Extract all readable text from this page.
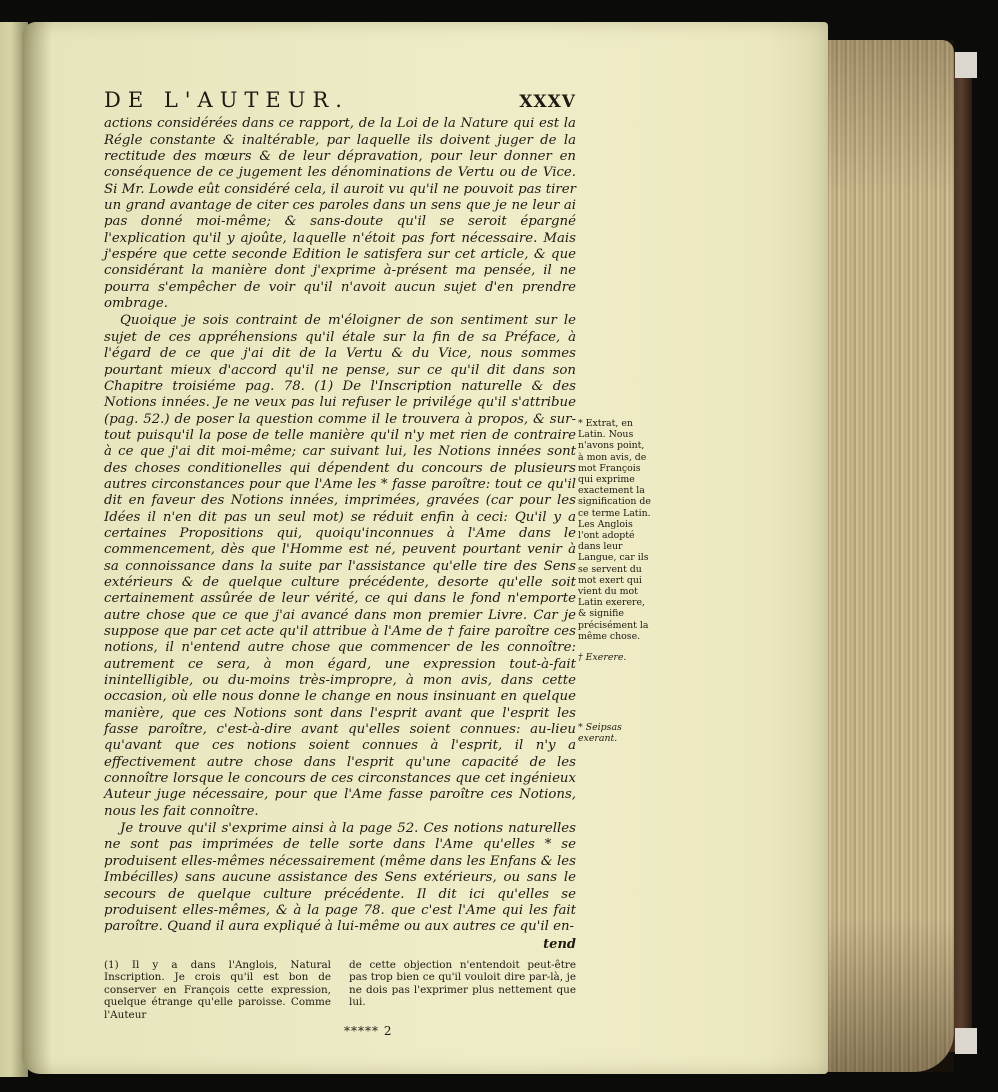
DE L'AUTEUR.	XXXV

actions considérées dans ce rapport, de la Loi de la Nature qui est la Régle constante & inaltérable, par laquelle ils doivent juger de la rectitude des mœurs & de leur dépravation, pour leur donner en conséquence de ce jugement les dénominations de Vertu ou de Vice. Si Mr. Lowde eût considéré cela, il auroit vu qu'il ne pouvoit pas tirer un grand avantage de citer ces paroles dans un sens que je ne leur ai pas donné moi-même; & sans-doute qu'il se seroit épargné l'explication qu'il y ajoûte, laquelle n'étoit pas fort nécessaire. Mais j'espére que cette seconde Edition le satisfera sur cet article, & que considérant la manière dont j'exprime à-présent ma pensée, il ne pourra s'empêcher de voir qu'il n'avoit aucun sujet d'en prendre ombrage.

Quoique je sois contraint de m'éloigner de son sentiment sur le sujet de ces appréhensions qu'il étale sur la fin de sa Préface, à l'égard de ce que j'ai dit de la Vertu & du Vice, nous sommes pourtant mieux d'accord qu'il ne pense, sur ce qu'il dit dans son Chapitre troisiéme pag. 78. (1) De l'Inscription naturelle & des Notions innées. Je ne veux pas lui refuser le privilége qu'il s'attribue (pag. 52.) de poser la question comme il le trouvera à propos, & sur-tout puisqu'il la pose de telle manière qu'il n'y met rien de contraire à ce que j'ai dit moi-même; car suivant lui, les Notions innées sont des choses conditionelles qui dépendent du concours de plusieurs autres circonstances pour que l'Ame les * fasse paroître: tout ce qu'il dit en faveur des Notions innées, imprimées, gravées (car pour les Idées il n'en dit pas un seul mot) se réduit enfin à ceci: Qu'il y a certaines Propositions qui, quoiqu'inconnues à l'Ame dans le commencement, dès que l'Homme est né, peuvent pourtant venir à sa connoissance dans la suite par l'assistance qu'elle tire des Sens extérieurs & de quelque culture précédente, desorte qu'elle soit certainement assûrée de leur vérité, ce qui dans le fond n'emporte autre chose que ce que j'ai avancé dans mon premier Livre. Car je suppose que par cet acte qu'il attribue à l'Ame de † faire paroître ces notions, il n'entend autre chose que commencer de les connoître: autrement ce sera, à mon égard, une expression tout-à-fait inintelligible, ou du-moins très-impropre, à mon avis, dans cette occasion, où elle nous donne le change en nous insinuant en quelque manière, que ces Notions sont dans l'esprit avant que l'esprit les fasse paroître, c'est-à-dire avant qu'elles soient connues: au-lieu qu'avant que ces notions soient connues à l'esprit, il n'y a effectivement autre chose dans l'esprit qu'une capacité de les connoître lorsque le concours de ces circonstances que cet ingénieux Auteur juge nécessaire, pour que l'Ame fasse paroître ces Notions, nous les fait connoître.

Je trouve qu'il s'exprime ainsi à la page 52. Ces notions naturelles ne sont pas imprimées de telle sorte dans l'Ame qu'elles * se produisent elles-mêmes nécessairement (même dans les Enfans & les Imbécilles) sans aucune assistance des Sens extérieurs, ou sans le secours de quelque culture précédente. Il dit ici qu'elles se produisent elles-mêmes, & à la page 78. que c'est l'Ame qui les fait paroître. Quand il aura expliqué à lui-même ou aux autres ce qu'il en-

tend

(1) Il y a dans l'Anglois, Natural Inscription. Je crois qu'il est bon de conserver en François cette expression, quelque étrange qu'elle paroisse. Comme l'Auteur

de cette objection n'entendoit peut-être pas trop bien ce qu'il vouloit dire par-là, je ne dois pas l'exprimer plus nettement que lui.

***** 2

* Extrat, en Latin. Nous n'avons point, à mon avis, de mot François qui exprime exactement la signification de ce terme Latin. Les Anglois l'ont adopté dans leur Langue, car ils se servent du mot exert qui vient du mot Latin exerere, & signifie précisément la même chose.

† Exerere.

* Seipsas exerant.
